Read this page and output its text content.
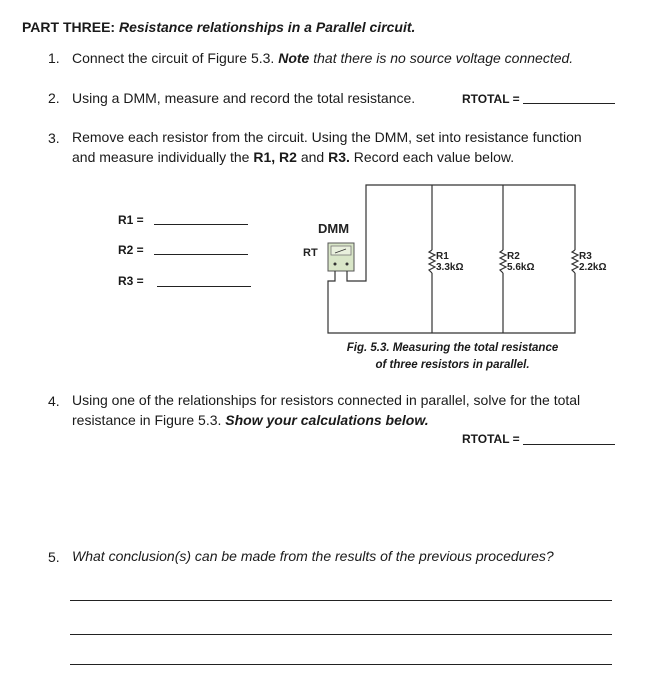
PART THREE: Resistance relationships in a Parallel circuit.
1. Connect the circuit of Figure 5.3. Note that there is no source voltage connected.
2. Using a DMM, measure and record the total resistance.	RTOTAL =
3. Remove each resistor from the circuit. Using the DMM, set into resistance function
and measure individually the R1, R2 and R3. Record each value below.
R1 =
R2 =
R3 =
DMM
RT	R1
3.3kΩ
R2
5.6kΩ
R3
2.2kΩ
Fig. 5.3. Measuring the total resistance
of three resistors in parallel.
4. Using one of the relationships for resistors connected in parallel, solve for the total
resistance in Figure 5.3. Show your calculations below.
RTOTAL =
5. What conclusion(s) can be made from the results of the previous procedures?
